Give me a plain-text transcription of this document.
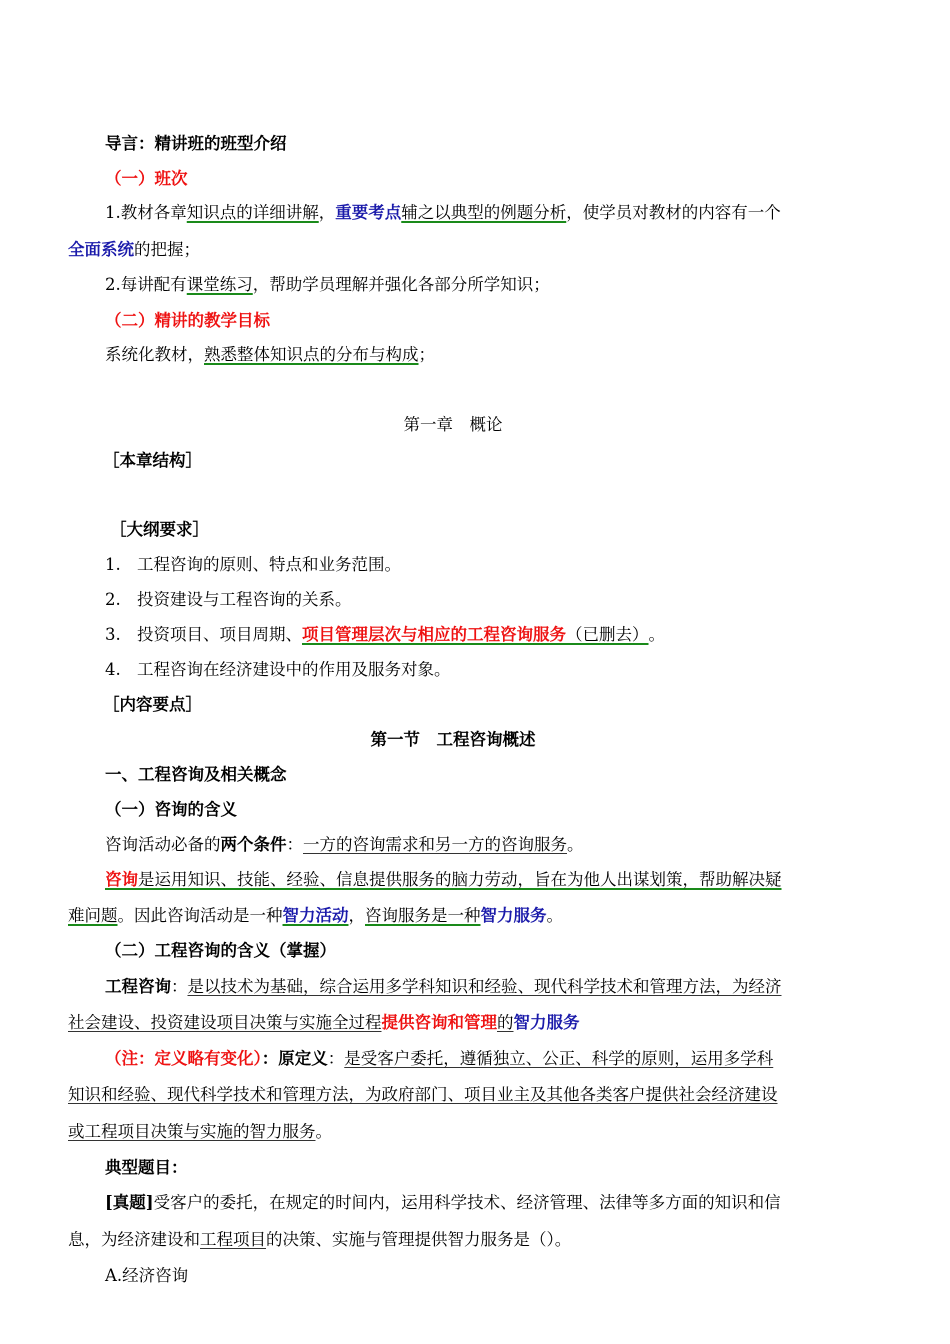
导言：精讲班的班型介绍
（一）班次
1.教材各章知识点的详细讲解，重要考点辅之以典型的例题分析，使学员对教材的内容有一个
全面系统的把握；
2.每讲配有课堂练习，帮助学员理解并强化各部分所学知识；
（二）精讲的教学目标
系统化教材，熟悉整体知识点的分布与构成；
第一章　概论
［本章结构］
［大纲要求］
1. 工程咨询的原则、特点和业务范围。
2. 投资建设与工程咨询的关系。
3. 投资项目、项目周期、 项目管理层次与相应的工程咨询服务 （已删去） 。
4. 工程咨询在经济建设中的作用及服务对象。
［内容要点］
第一节　工程咨询概述
一、工程咨询及相关概念
（一）咨询的含义
咨询活动必备的两个条件：一方的咨询需求和另一方的咨询服务。
咨询是运用知识、技能、经验、信息提供服务的脑力劳动，旨在为他人出谋划策，帮助解决疑
难问题。因此咨询活动是一种智力活动，咨询服务是一种智力服务。
（二）工程咨询的含义（掌握）
工程咨询：是以技术为基础，综合运用多学科知识和经验、现代科学技术和管理方法，为经济
社会建设、投资建设项目决策与实施全过程提供咨询和管理的智力服务
（注：定义略有变化）：原定义：是受客户委托，遵循独立、公正、科学的原则，运用多学科
知识和经验、现代科学技术和管理方法，为政府部门、项目业主及其他各类客户提供社会经济建设
或工程项目决策与实施的智力服务。
典型题目：
[真题]受客户的委托，在规定的时间内，运用科学技术、经济管理、法律等多方面的知识和信
息，为经济建设和工程项目的决策、实施与管理提供智力服务是（）。
A.经济咨询
